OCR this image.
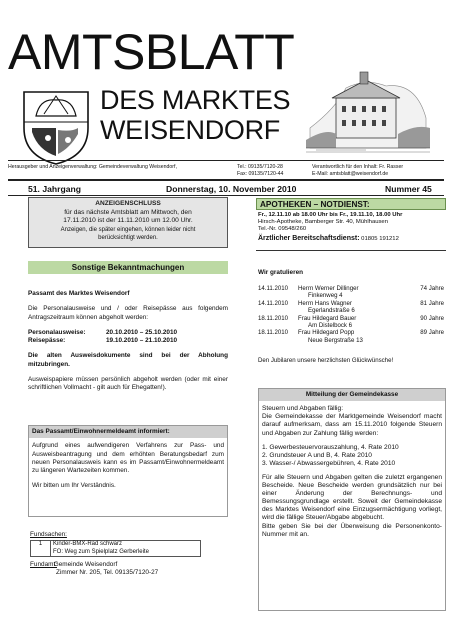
AMTSBLATT
DES MARKTES
WEISENDORF
Herausgeber und Anzeigenverwaltung: Gemeindeverwaltung Weisendorf,	Tel.: 09135/7120-28
Fax: 09135/7120-44
Verantwortlich für den Inhalt: Fr. Rasser
E-Mail: amtsblatt@weisendorf.de
51. Jahrgang	Donnerstag, 10. November 2010	Nummer 45
ANZEIGENSCHLUSS
für das nächste Amtsblatt am Mittwoch, den
17.11.2010 ist der 11.11.2010 um 12.00 Uhr.
Anzeigen, die später eingehen, können leider nicht
berücksichtigt werden.
APOTHEKEN – NOTDIENST:
Fr., 12.11.10 ab 18.00 Uhr bis Fr., 19.11.10, 18.00 Uhr
Hirsch-Apotheke, Bamberger Str. 40, Mühlhausen
Tel.-Nr. 09548/260
Ärztlicher Bereitschaftsdienst: 01805 191212
Sonstige Bekanntmachungen

Passamt des Marktes Weisendorf

Die Personalausweise und / oder Reisepässe aus folgendem Antragszeitraum können abgeholt werden:

Personalausweise:	20.10.2010 – 25.10.2010
Reisepässe:	19.10.2010 – 21.10.2010

Die alten Ausweisdokumente sind bei der Abholung mitzubringen.

Ausweispapiere müssen persönlich abgeholt werden (oder mit einer schriftlichen Vollmacht - gilt auch für Ehegatten!).

Das Passamt/Einwohnermeldeamt informiert:

Aufgrund eines aufwendigeren Verfahrens zur Pass- und Ausweisbeantragung und dem erhöhten Beratungsbedarf zum neuen Personalausweis kann es im Passamt/Einwohnermeldeamt zu längeren Wartezeiten kommen.

Wir bitten um Ihr Verständnis.

Fundsachen:
1	Kinder-BMX-Rad schwarz
FO: Weg zum Spielplatz Gerberleite
Fundamt: Gemeinde Weisendorf
Zimmer Nr. 205, Tel. 09135/7120-27
Wir gratulieren
14.11.2010	Herrn Werner Dillinger	74 Jahre
	Finkenweg 4	
14.11.2010	Herrn Hans Wagner	81 Jahre
	Egerlandstraße 6	
18.11.2010	Frau Hildegard Bauer	90 Jahre
	Am Distelbock 6	
18.11.2010	Frau Hildegard Popp	89 Jahre
	Neue Bergstraße 13	
Den Jubilaren unsere herzlichsten Glückwünsche!
Mitteilung der Gemeindekasse

Steuern und Abgaben fällig:

Die Gemeindekasse der Marktgemeinde Weisendorf macht darauf aufmerksam, dass am 15.11.2010 folgende Steuern und Abgaben zur Zahlung fällig werden:

1. Gewerbesteuervorauszahlung, 4. Rate 2010
2. Grundsteuer A und B, 4. Rate 2010
3. Wasser-/ Abwassergebühren, 4. Rate 2010

Für alle Steuern und Abgaben gelten die zuletzt ergangenen Bescheide. Neue Bescheide werden grundsätzlich nur bei einer Änderung der Berechnungs- und Bemessungsgrundlage erstellt. Soweit der Gemeindekasse des Marktes Weisendorf eine Einzugsermächtigung vorliegt, wird die fällige Steuer/Abgabe abgebucht.

Bitte geben Sie bei der Überweisung die Personenkonto-Nummer mit an.
